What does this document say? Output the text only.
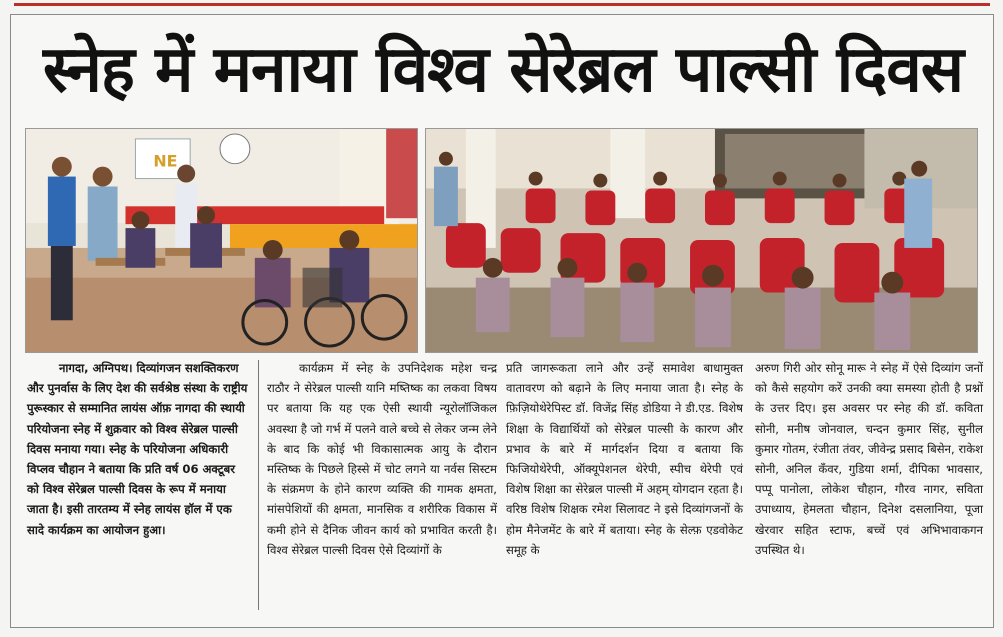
स्नेह में मनाया विश्व सेरेब्रल पाल्सी दिवस
NE

नागदा, अग्निपथ। दिव्यांगजन सशक्तिकरण और पुनर्वास के लिए देश की सर्वश्रेष्ठ संस्था के राष्ट्रीय पुरूस्कार से सम्मानित लायंस ऑफ़ नागदा की स्थायी परियोजना स्नेह में शुक्रवार को विश्व सेरेब्रल पाल्सी दिवस मनाया गया। स्नेह के परियोजना अधिकारी विप्लव चौहान ने बताया कि प्रति वर्ष 06 अक्टूबर को विश्व सेरेब्रल पाल्सी दिवस के रूप में मनाया जाता है। इसी तारतम्य में स्नेह लायंस हॉल में एक सादे कार्यक्रम का आयोजन हुआ।

कार्यक्रम में स्नेह के उपनिदेशक महेश चन्द्र राठौर ने सेरेब्रल पाल्सी यानि मष्तिष्क का लकवा विषय पर बताया कि यह एक ऐसी स्थायी न्यूरोलॉजिकल अवस्था है जो गर्भ में पलने वाले बच्चे से लेकर जन्म लेने के बाद कि कोई भी विकासात्मक आयु के दौरान मस्तिष्क के पिछले हिस्से में चोट लगने या नर्वस सिस्टम के संक्रमण के होने कारण व्यक्ति की गामक क्षमता, मांसपेशियों की क्षमता, मानसिक व शरीरिक विकास में कमी होने से दैनिक जीवन कार्य को प्रभावित करती है। विश्व सेरेब्रल पाल्सी दिवस ऐसे दिव्यांगों के

प्रति जागरूकता लाने और उन्हें समावेश बाधामुक्त वातावरण को बढ़ाने के लिए मनाया जाता है। स्नेह के फ़िज़ियोथेरेपिस्ट डॉ. विजेंद्र सिंह डोडिया ने डी.एड. विशेष शिक्षा के विद्यार्थियों को सेरेब्रल पाल्सी के कारण और प्रभाव के बारे में मार्गदर्शन दिया व बताया कि फिजियोथेरेपी, ऑक्यूपेशनल थेरेपी, स्पीच थेरेपी एवं विशेष शिक्षा का सेरेब्रल पाल्सी में अहम् योगदान रहता है। वरिष्ठ विशेष शिक्षक रमेश सिलावट ने इसे दिव्यांगजनों के होम मैनेजमेंट के बारे में बताया। स्नेह के सेल्फ़ एडवोकेट समूह के

अरुण गिरी ओर सोनू मारू ने स्नेह में ऐसे दिव्यांग जनों को कैसे सहयोग करें उनकी क्या समस्या होती है प्रश्नों के उत्तर दिए। इस अवसर पर स्नेह की डॉ. कविता सोनी, मनीष जोनवाल, चन्दन कुमार सिंह, सुनील कुमार गोतम, रंजीता तंवर, जीवेन्द्र प्रसाद बिसेन, राकेश सोनी, अनिल कँवर, गुडिया शर्मा, दीपिका भावसार, पप्पू पानोला, लोकेश चौहान, गौरव नागर, सविता उपाध्याय, हेमलता चौहान, दिनेश दसलानिया, पूजा खेरवार सहित स्टाफ, बच्चें एवं अभिभावाकगन उपस्थित थे।
